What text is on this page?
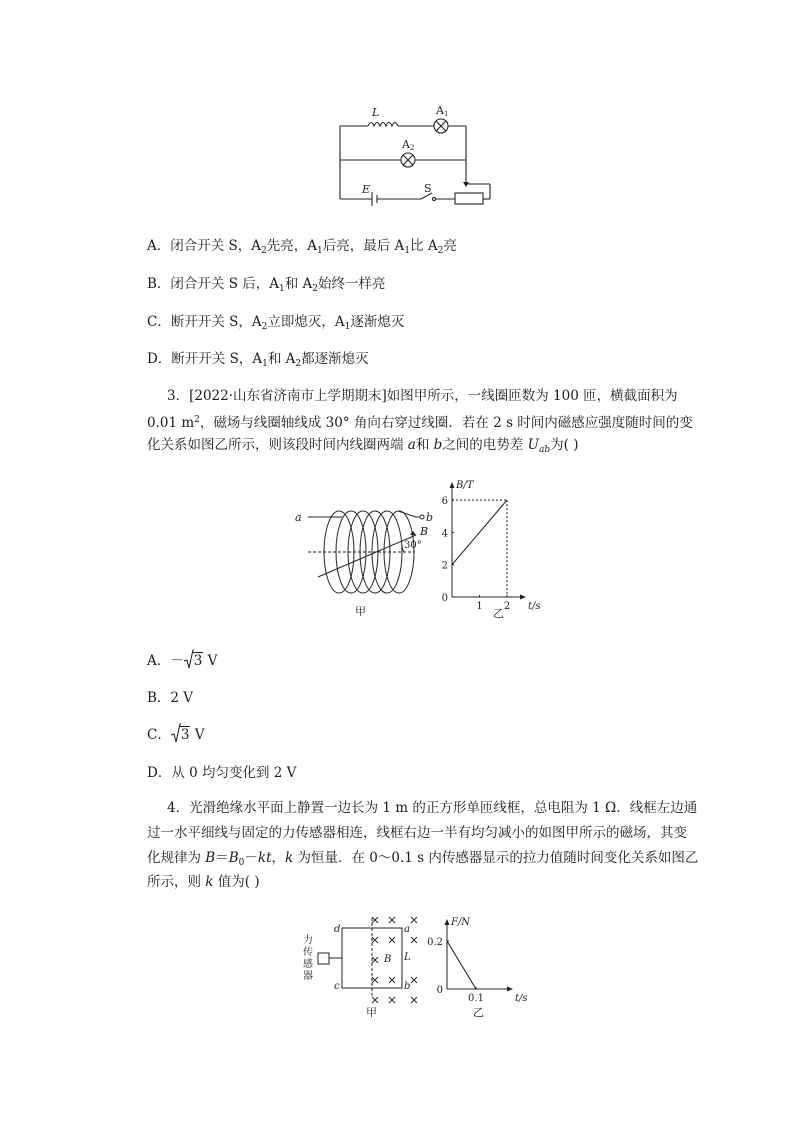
L	A 1
A 2
E	S
A．闭合开关 S，$A_2$先亮，$A_1$后亮，最后 $A_1$比 $A_2$亮
B．闭合开关 S 后，$A_1$和 $A_2$始终一样亮
C．断开开关 S，$A_2$立即熄灭，$A_1$逐渐熄灭
D．断开开关 S，$A_1$和 $A_2$都逐渐熄灭
3．[2022·山东省济南市上学期期末]如图甲所示，一线圈匝数为 100 匝，横截面积为
0.01 $m^2$，磁场与线圈轴线成 30° 角向右穿过线圈．若在 2 s 时间内磁感应强度随时间的变
化关系如图乙所示，则该段时间内线圈两端 a和 b之间的电势差 $U_{ab}$为( )
a	b
B
30°
甲
B/T
t/s
0
2
4
6
1 2
乙
A．－ 3 V
B．2 V
C． 3 V
D．从 0 均匀变化到 2 V
4．光滑绝缘水平面上静置一边长为 1 m 的正方形单匝线框，总电阻为 1 Ω．线框左边通
过一水平细线与固定的力传感器相连，线框右边一半有均匀减小的如图甲所示的磁场，其变
化规律为 $B=B_0-kt$，k 为恒量．在 0～0.1 s 内传感器显示的拉力值随时间变化关系如图乙
所示，则 k 值为( )
力
传
感
器
d	a
c	b
B L
甲
F/N
t/s
0
0.2
0.1
乙
